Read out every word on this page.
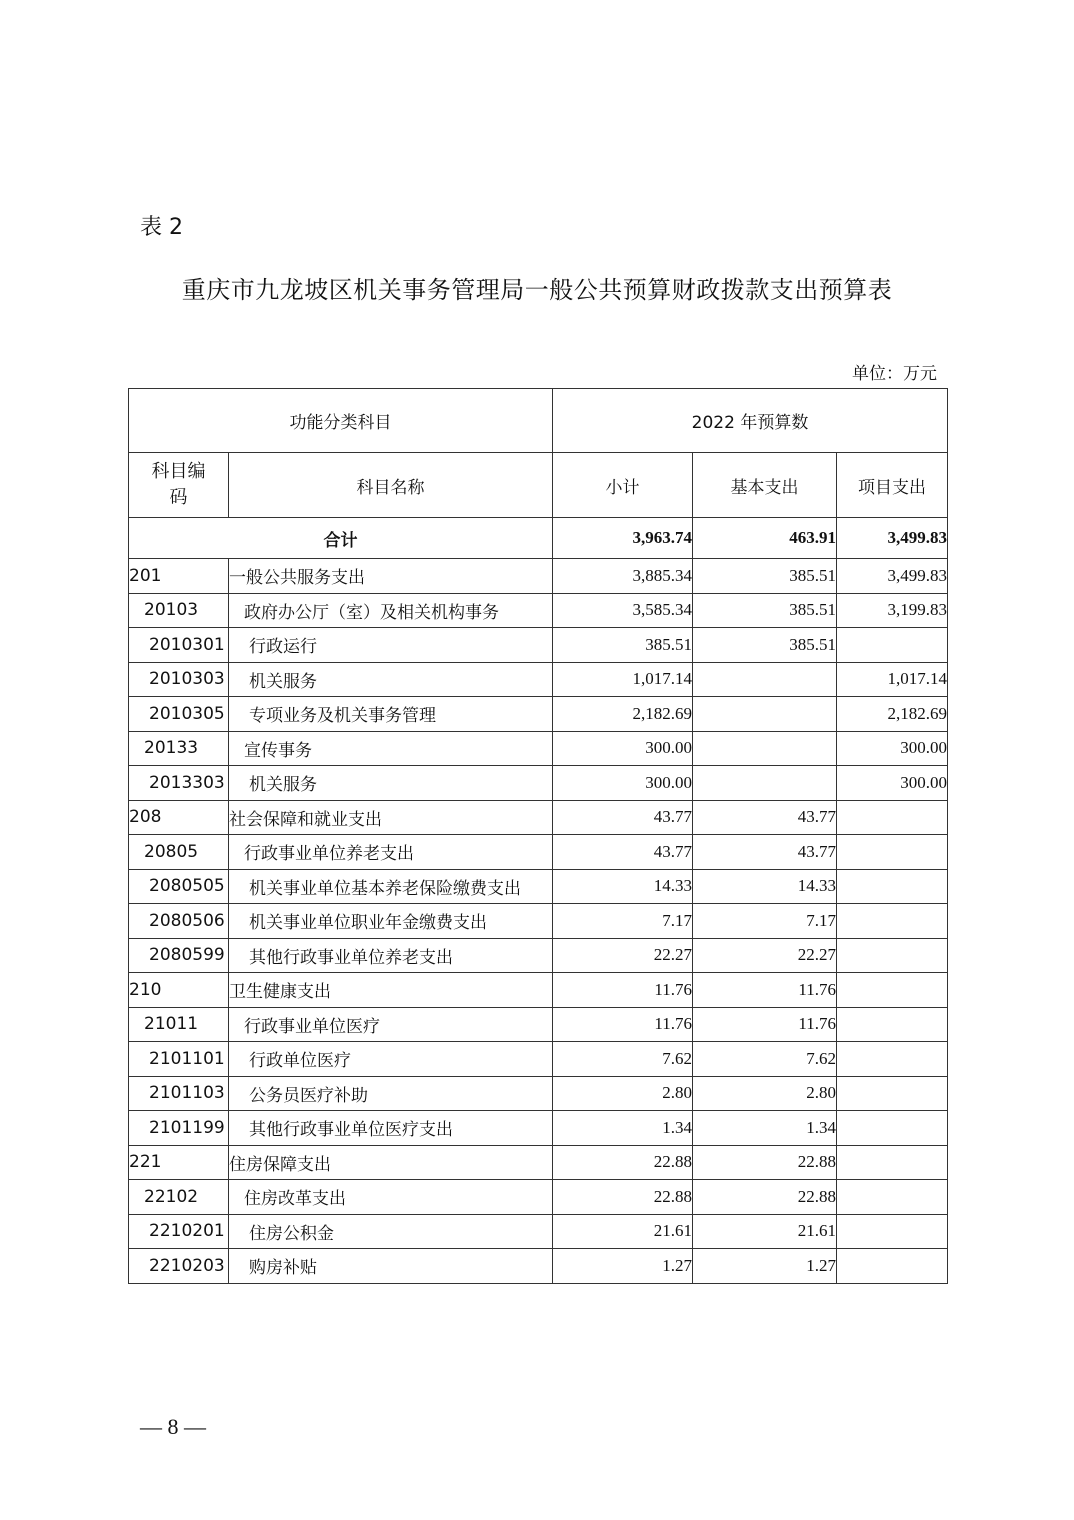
表 2
重庆市九龙坡区机关事务管理局一般公共预算财政拨款支出预算表
单位：万元
功能分类科目		2022 年预算数		

科目编码	科目名称	小计	基本支出	项目支出
合计		3,963.74	463.91	3,499.83
201	一般公共服务支出	3,885.34	385.51	3,499.83
20103	政府办公厅（室）及相关机构事务	3,585.34	385.51	3,199.83
2010301	行政运行	385.51	385.51	
2010303	机关服务	1,017.14		1,017.14
2010305	专项业务及机关事务管理	2,182.69		2,182.69
20133	宣传事务	300.00		300.00
2013303	机关服务	300.00		300.00
208	社会保障和就业支出	43.77	43.77	
20805	行政事业单位养老支出	43.77	43.77	
2080505	机关事业单位基本养老保险缴费支出	14.33	14.33	
2080506	机关事业单位职业年金缴费支出	7.17	7.17	
2080599	其他行政事业单位养老支出	22.27	22.27	
210	卫生健康支出	11.76	11.76	
21011	行政事业单位医疗	11.76	11.76	
2101101	行政单位医疗	7.62	7.62	
2101103	公务员医疗补助	2.80	2.80	
2101199	其他行政事业单位医疗支出	1.34	1.34	
221	住房保障支出	22.88	22.88	
22102	住房改革支出	22.88	22.88	
2210201	住房公积金	21.61	21.61	
2210203	购房补贴	1.27	1.27	
— 8 —
